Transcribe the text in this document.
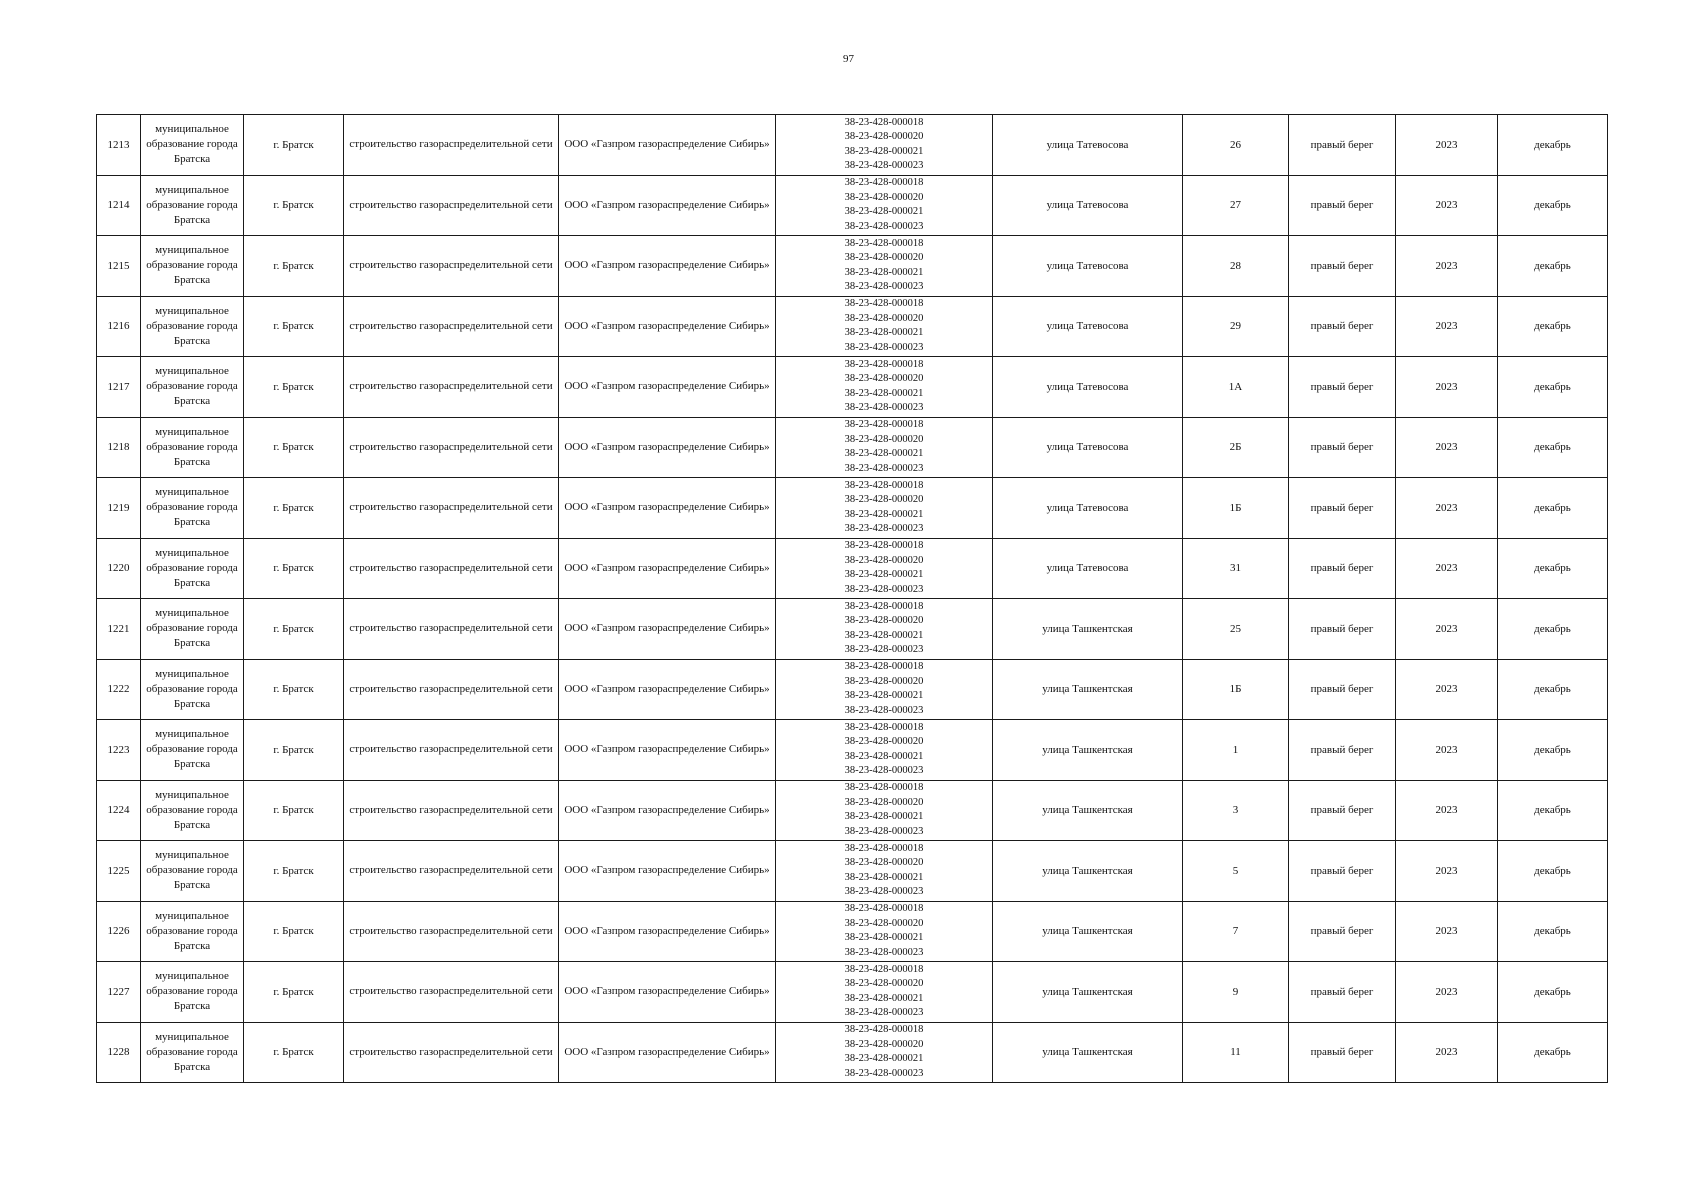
97
1213	муниципальное образование города Братска	г. Братск	строительство газораспределительной сети	ООО «Газпром газораспределение Сибирь»	38-23-428-000018
38-23-428-000020
38-23-428-000021
38-23-428-000023	улица Татевосова	26	правый берег	2023	декабрь
1214	муниципальное образование города Братска	г. Братск	строительство газораспределительной сети	ООО «Газпром газораспределение Сибирь»	38-23-428-000018
38-23-428-000020
38-23-428-000021
38-23-428-000023	улица Татевосова	27	правый берег	2023	декабрь
1215	муниципальное образование города Братска	г. Братск	строительство газораспределительной сети	ООО «Газпром газораспределение Сибирь»	38-23-428-000018
38-23-428-000020
38-23-428-000021
38-23-428-000023	улица Татевосова	28	правый берег	2023	декабрь
1216	муниципальное образование города Братска	г. Братск	строительство газораспределительной сети	ООО «Газпром газораспределение Сибирь»	38-23-428-000018
38-23-428-000020
38-23-428-000021
38-23-428-000023	улица Татевосова	29	правый берег	2023	декабрь
1217	муниципальное образование города Братска	г. Братск	строительство газораспределительной сети	ООО «Газпром газораспределение Сибирь»	38-23-428-000018
38-23-428-000020
38-23-428-000021
38-23-428-000023	улица Татевосова	1А	правый берег	2023	декабрь
1218	муниципальное образование города Братска	г. Братск	строительство газораспределительной сети	ООО «Газпром газораспределение Сибирь»	38-23-428-000018
38-23-428-000020
38-23-428-000021
38-23-428-000023	улица Татевосова	2Б	правый берег	2023	декабрь
1219	муниципальное образование города Братска	г. Братск	строительство газораспределительной сети	ООО «Газпром газораспределение Сибирь»	38-23-428-000018
38-23-428-000020
38-23-428-000021
38-23-428-000023	улица Татевосова	1Б	правый берег	2023	декабрь
1220	муниципальное образование города Братска	г. Братск	строительство газораспределительной сети	ООО «Газпром газораспределение Сибирь»	38-23-428-000018
38-23-428-000020
38-23-428-000021
38-23-428-000023	улица Татевосова	31	правый берег	2023	декабрь
1221	муниципальное образование города Братска	г. Братск	строительство газораспределительной сети	ООО «Газпром газораспределение Сибирь»	38-23-428-000018
38-23-428-000020
38-23-428-000021
38-23-428-000023	улица Ташкентская	25	правый берег	2023	декабрь
1222	муниципальное образование города Братска	г. Братск	строительство газораспределительной сети	ООО «Газпром газораспределение Сибирь»	38-23-428-000018
38-23-428-000020
38-23-428-000021
38-23-428-000023	улица Ташкентская	1Б	правый берег	2023	декабрь
1223	муниципальное образование города Братска	г. Братск	строительство газораспределительной сети	ООО «Газпром газораспределение Сибирь»	38-23-428-000018
38-23-428-000020
38-23-428-000021
38-23-428-000023	улица Ташкентская	1	правый берег	2023	декабрь
1224	муниципальное образование города Братска	г. Братск	строительство газораспределительной сети	ООО «Газпром газораспределение Сибирь»	38-23-428-000018
38-23-428-000020
38-23-428-000021
38-23-428-000023	улица Ташкентская	3	правый берег	2023	декабрь
1225	муниципальное образование города Братска	г. Братск	строительство газораспределительной сети	ООО «Газпром газораспределение Сибирь»	38-23-428-000018
38-23-428-000020
38-23-428-000021
38-23-428-000023	улица Ташкентская	5	правый берег	2023	декабрь
1226	муниципальное образование города Братска	г. Братск	строительство газораспределительной сети	ООО «Газпром газораспределение Сибирь»	38-23-428-000018
38-23-428-000020
38-23-428-000021
38-23-428-000023	улица Ташкентская	7	правый берег	2023	декабрь
1227	муниципальное образование города Братска	г. Братск	строительство газораспределительной сети	ООО «Газпром газораспределение Сибирь»	38-23-428-000018
38-23-428-000020
38-23-428-000021
38-23-428-000023	улица Ташкентская	9	правый берег	2023	декабрь
1228	муниципальное образование города Братска	г. Братск	строительство газораспределительной сети	ООО «Газпром газораспределение Сибирь»	38-23-428-000018
38-23-428-000020
38-23-428-000021
38-23-428-000023	улица Ташкентская	11	правый берег	2023	декабрь
